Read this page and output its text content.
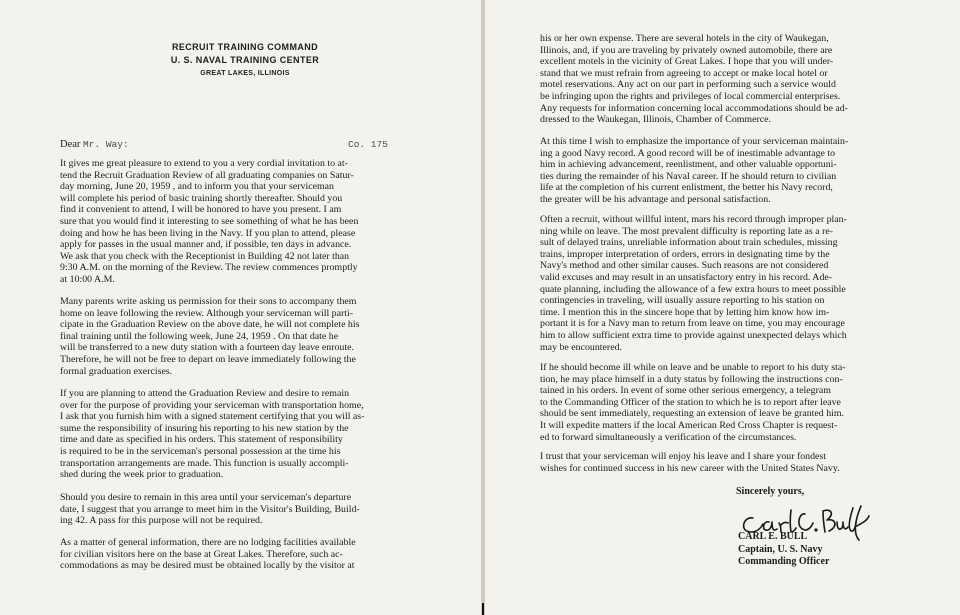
RECRUIT TRAINING COMMAND
U. S. NAVAL TRAINING CENTER
GREAT LAKES, ILLINOIS
Dear Mr. Way:	Co. 175
It gives me great pleasure to extend to you a very cordial invitation to at-
tend the Recruit Graduation Review of all graduating companies on Satur-
day morning, June 20, 1959 , and to inform you that your serviceman
will complete his period of basic training shortly thereafter. Should you
find it convenient to attend, I will be honored to have you present. I am
sure that you would find it interesting to see something of what he has been
doing and how he has been living in the Navy. If you plan to attend, please
apply for passes in the usual manner and, if possible, ten days in advance.
We ask that you check with the Receptionist in Building 42 not later than
9:30 A.M. on the morning of the Review. The review commences promptly
at 10:00 A.M.
Many parents write asking us permission for their sons to accompany them
home on leave following the review. Although your serviceman will parti-
cipate in the Graduation Review on the above date, he will not complete his
final training until the following week, June 24, 1959 . On that date he
will be transferred to a new duty station with a fourteen day leave enroute.
Therefore, he will not be free to depart on leave immediately following the
formal graduation exercises.
If you are planning to attend the Graduation Review and desire to remain
over for the purpose of providing your serviceman with transportation home,
I ask that you furnish him with a signed statement certifying that you will as-
sume the responsibility of insuring his reporting to his new station by the
time and date as specified in his orders. This statement of responsibility
is required to be in the serviceman's personal possession at the time his
transportation arrangements are made. This function is usually accompli-
shed during the week prior to graduation.
Should you desire to remain in this area until your serviceman's departure
date, I suggest that you arrange to meet him in the Visitor's Building, Build-
ing 42. A pass for this purpose will not be required.
As a matter of general information, there are no lodging facilities available
for civilian visitors here on the base at Great Lakes. Therefore, such ac-
commodations as may be desired must be obtained locally by the visitor at
his or her own expense. There are several hotels in the city of Waukegan,
Illinois, and, if you are traveling by privately owned automobile, there are
excellent motels in the vicinity of Great Lakes. I hope that you will under-
stand that we must refrain from agreeing to accept or make local hotel or
motel reservations. Any act on our part in performing such a service would
be infringing upon the rights and privileges of local commercial enterprises.
Any requests for information concerning local accommodations should be ad-
dressed to the Waukegan, Illinois, Chamber of Commerce.
At this time I wish to emphasize the importance of your serviceman maintain-
ing a good Navy record. A good record will be of inestimable advantage to
him in achieving advancement, reenlistment, and other valuable opportuni-
ties during the remainder of his Naval career. If he should return to civilian
life at the completion of his current enlistment, the better his Navy record,
the greater will be his advantage and personal satisfaction.
Often a recruit, without willful intent, mars his record through improper plan-
ning while on leave. The most prevalent difficulty is reporting late as a re-
sult of delayed trains, unreliable information about train schedules, missing
trains, improper interpretation of orders, errors in designating time by the
Navy's method and other similar causes. Such reasons are not considered
valid excuses and may result in an unsatisfactory entry in his record. Ade-
quate planning, including the allowance of a few extra hours to meet possible
contingencies in traveling, will usually assure reporting to his station on
time. I mention this in the sincere hope that by letting him know how im-
portant it is for a Navy man to return from leave on time, you may encourage
him to allow sufficient extra time to provide against unexpected delays which
may be encountered.
If he should become ill while on leave and be unable to report to his duty sta-
tion, he may place himself in a duty status by following the instructions con-
tained in his orders. In event of some other serious emergency, a telegram
to the Commanding Officer of the station to which he is to report after leave
should be sent immediately, requesting an extension of leave be granted him.
It will expedite matters if the local American Red Cross Chapter is request-
ed to forward simultaneously a verification of the circumstances.
I trust that your serviceman will enjoy his leave and I share your fondest
wishes for continued success in his new career with the United States Navy.
Sincerely yours,
CARL E. BULL
Captain, U. S. Navy
Commanding Officer
